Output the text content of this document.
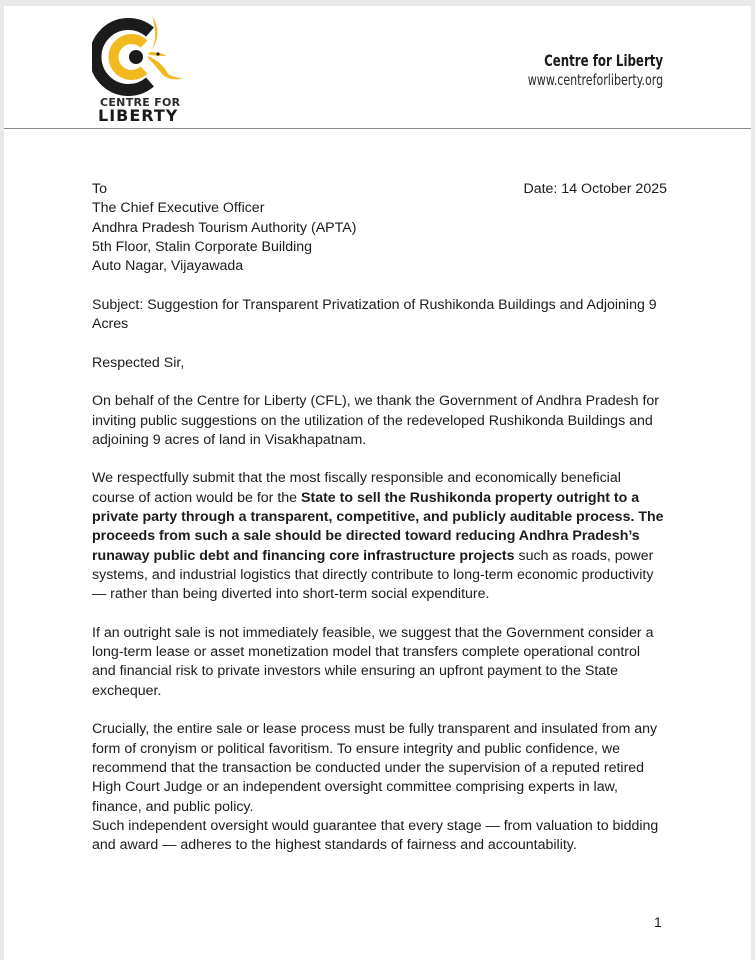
CENTRE FOR
LIBERTY
Centre for Liberty
www.centreforliberty.org
To	Date: 14 October 2025
The Chief Executive Officer
Andhra Pradesh Tourism Authority (APTA)
5th Floor, Stalin Corporate Building
Auto Nagar, Vijayawada

Subject: Suggestion for Transparent Privatization of Rushikonda Buildings and Adjoining 9 Acres

Respected Sir,

On behalf of the Centre for Liberty (CFL), we thank the Government of Andhra Pradesh for inviting public suggestions on the utilization of the redeveloped Rushikonda Buildings and adjoining 9 acres of land in Visakhapatnam.

We respectfully submit that the most fiscally responsible and economically beneficial course of action would be for the State to sell the Rushikonda property outright to a private party through a transparent, competitive, and publicly auditable process. The proceeds from such a sale should be directed toward reducing Andhra Pradesh’s runaway public debt and financing core infrastructure projects such as roads, power systems, and industrial logistics that directly contribute to long-term economic productivity — rather than being diverted into short-term social expenditure.

If an outright sale is not immediately feasible, we suggest that the Government consider a long-term lease or asset monetization model that transfers complete operational control and financial risk to private investors while ensuring an upfront payment to the State exchequer.

Crucially, the entire sale or lease process must be fully transparent and insulated from any form of cronyism or political favoritism. To ensure integrity and public confidence, we recommend that the transaction be conducted under the supervision of a reputed retired High Court Judge or an independent oversight committee comprising experts in law, finance, and public policy.

Such independent oversight would guarantee that every stage — from valuation to bidding and award — adheres to the highest standards of fairness and accountability.

1
